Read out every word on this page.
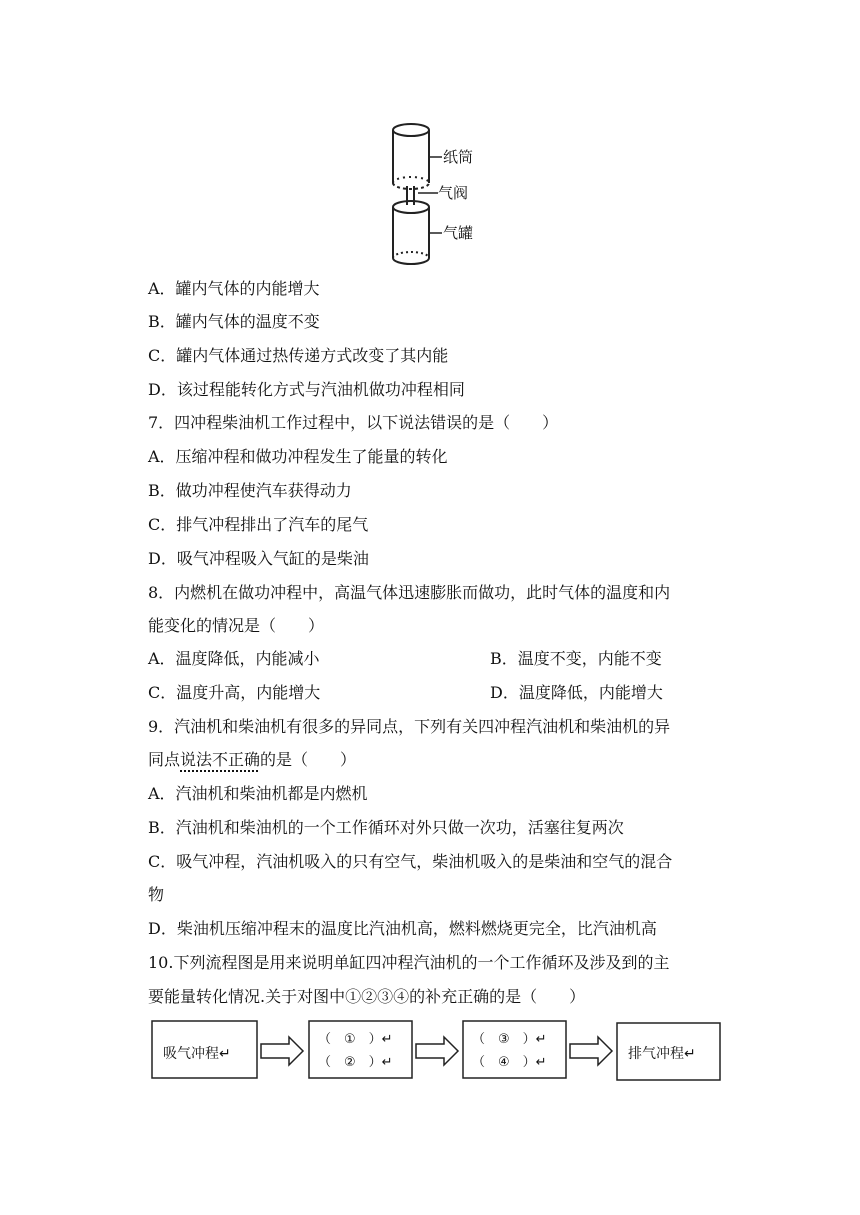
纸筒
气阀
气罐
A．罐内气体的内能增大
B．罐内气体的温度不变
C．罐内气体通过热传递方式改变了其内能
D．该过程能转化方式与汽油机做功冲程相同
7．四冲程柴油机工作过程中，以下说法错误的是（　　）
A．压缩冲程和做功冲程发生了能量的转化
B．做功冲程使汽车获得动力
C．排气冲程排出了汽车的尾气
D．吸气冲程吸入气缸的是柴油
8．内燃机在做功冲程中，高温气体迅速膨胀而做功，此时气体的温度和内
能变化的情况是（　　）
A．温度降低，内能减小	B．温度不变，内能不变
C．温度升高，内能增大	D．温度降低，内能增大
9．汽油机和柴油机有很多的异同点，下列有关四冲程汽油机和柴油机的异
同点说法不正确的是（　　）
A．汽油机和柴油机都是内燃机
B．汽油机和柴油机的一个工作循环对外只做一次功，活塞往复两次
C．吸气冲程，汽油机吸入的只有空气，柴油机吸入的是柴油和空气的混合
物
D．柴油机压缩冲程末的温度比汽油机高，燃料燃烧更完全，比汽油机高
10.下列流程图是用来说明单缸四冲程汽油机的一个工作循环及涉及到的主
要能量转化情况.关于对图中①②③④的补充正确的是（　　）
吸气冲程↵
（　①　）↵
（　②　）↵
（　③　）↵
（　④　）↵
排气冲程↵
